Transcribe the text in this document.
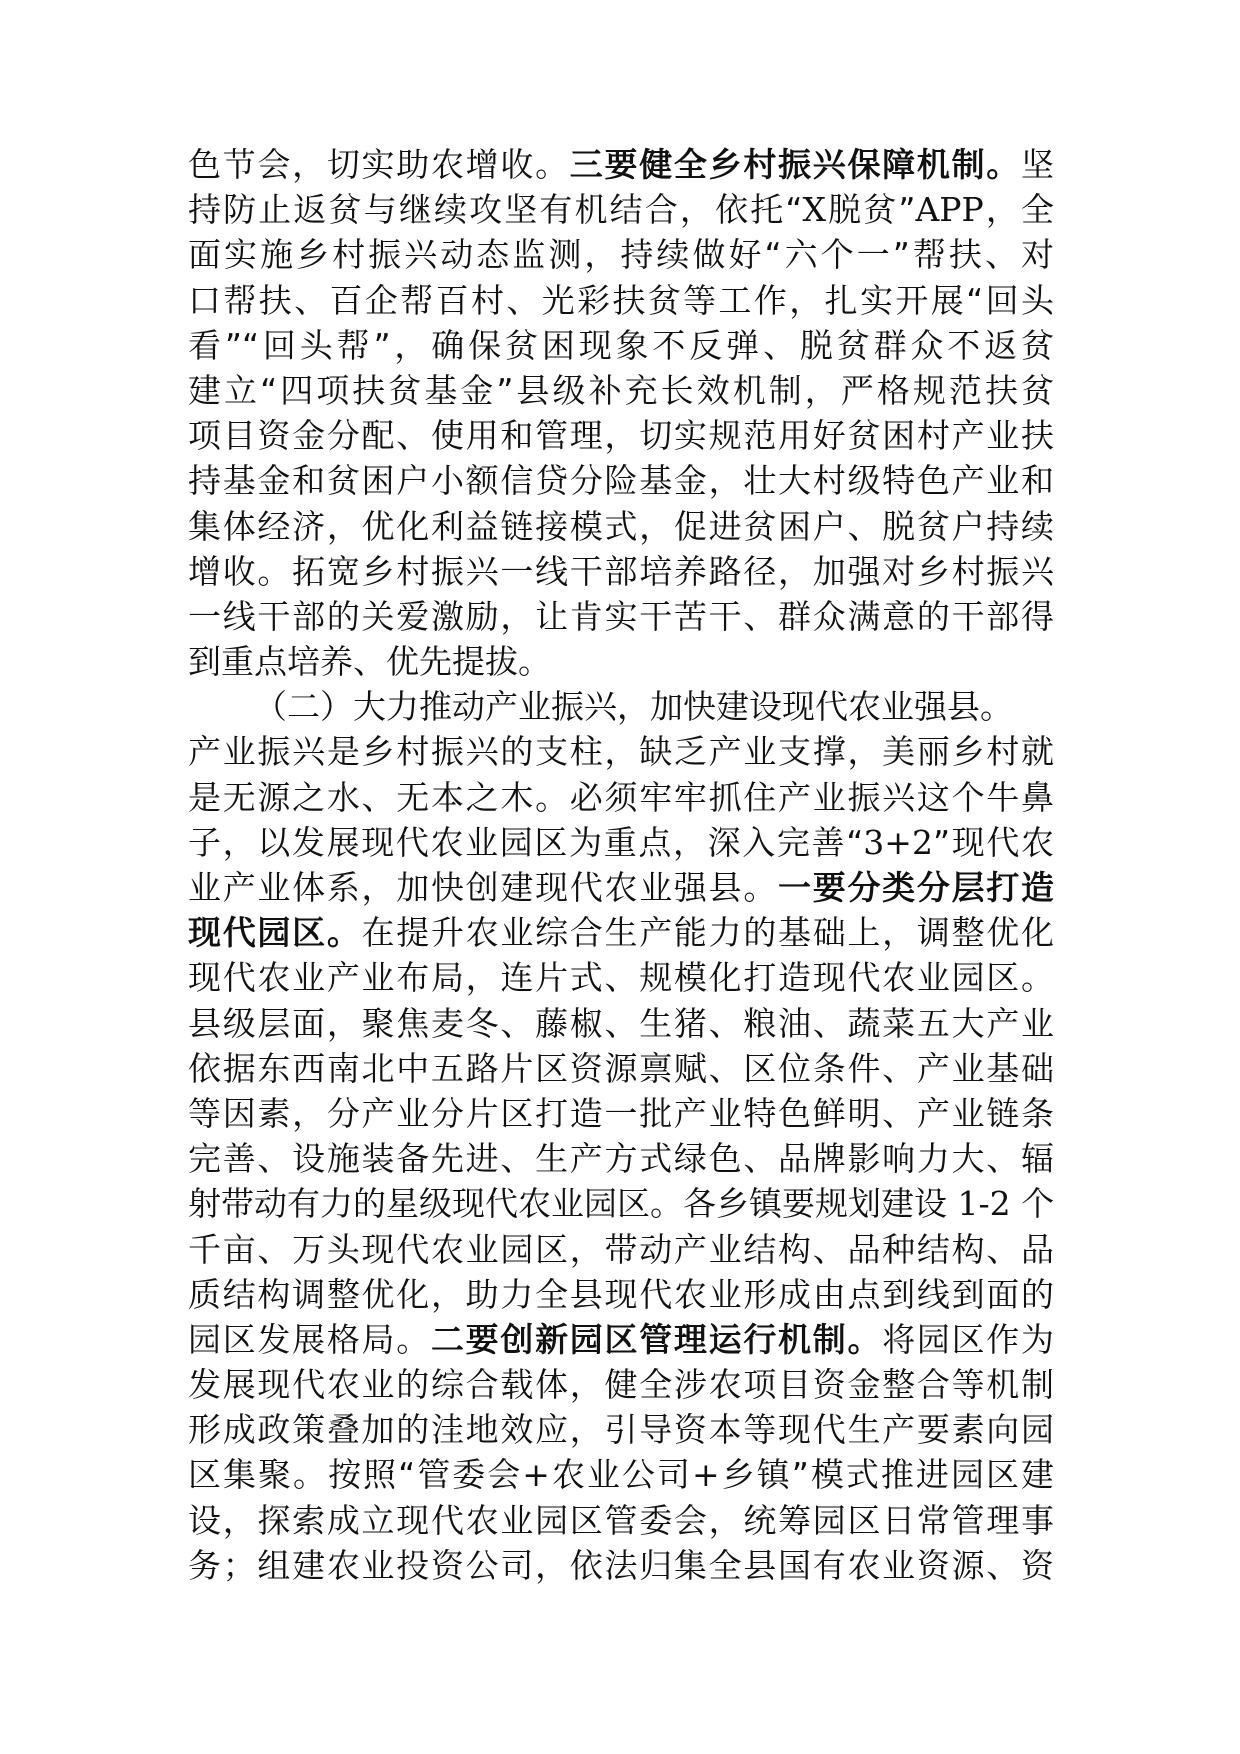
色节会，切实助农增收。三要健全乡村振兴保障机制。坚
持防止返贫与继续攻坚有机结合，依托“X脱贫”APP，全
面实施乡村振兴动态监测，持续做好“六个一”帮扶、对
口帮扶、百企帮百村、光彩扶贫等工作，扎实开展“回头
看”“回头帮”，确保贫困现象不反弹、脱贫群众不返贫
建立“四项扶贫基金”县级补充长效机制，严格规范扶贫
项目资金分配、使用和管理，切实规范用好贫困村产业扶
持基金和贫困户小额信贷分险基金，壮大村级特色产业和
集体经济，优化利益链接模式，促进贫困户、脱贫户持续
增收。拓宽乡村振兴一线干部培养路径，加强对乡村振兴
一线干部的关爱激励，让肯实干苦干、群众满意的干部得
到重点培养、优先提拔。
（二）大力推动产业振兴，加快建设现代农业强县。
产业振兴是乡村振兴的支柱，缺乏产业支撑，美丽乡村就
是无源之水、无本之木。必须牢牢抓住产业振兴这个牛鼻
子，以发展现代农业园区为重点，深入完善“3+2”现代农
业产业体系，加快创建现代农业强县。一要分类分层打造
现代园区。在提升农业综合生产能力的基础上，调整优化
现代农业产业布局，连片式、规模化打造现代农业园区。
县级层面，聚焦麦冬、藤椒、生猪、粮油、蔬菜五大产业
依据东西南北中五路片区资源禀赋、区位条件、产业基础
等因素，分产业分片区打造一批产业特色鲜明、产业链条
完善、设施装备先进、生产方式绿色、品牌影响力大、辐
射带动有力的星级现代农业园区。各乡镇要规划建设 1-2 个
千亩、万头现代农业园区，带动产业结构、品种结构、品
质结构调整优化，助力全县现代农业形成由点到线到面的
园区发展格局。二要创新园区管理运行机制。将园区作为
发展现代农业的综合载体，健全涉农项目资金整合等机制
形成政策叠加的洼地效应，引导资本等现代生产要素向园
区集聚。按照“管委会+农业公司+乡镇”模式推进园区建
设，探索成立现代农业园区管委会，统筹园区日常管理事
务；组建农业投资公司，依法归集全县国有农业资源、资
